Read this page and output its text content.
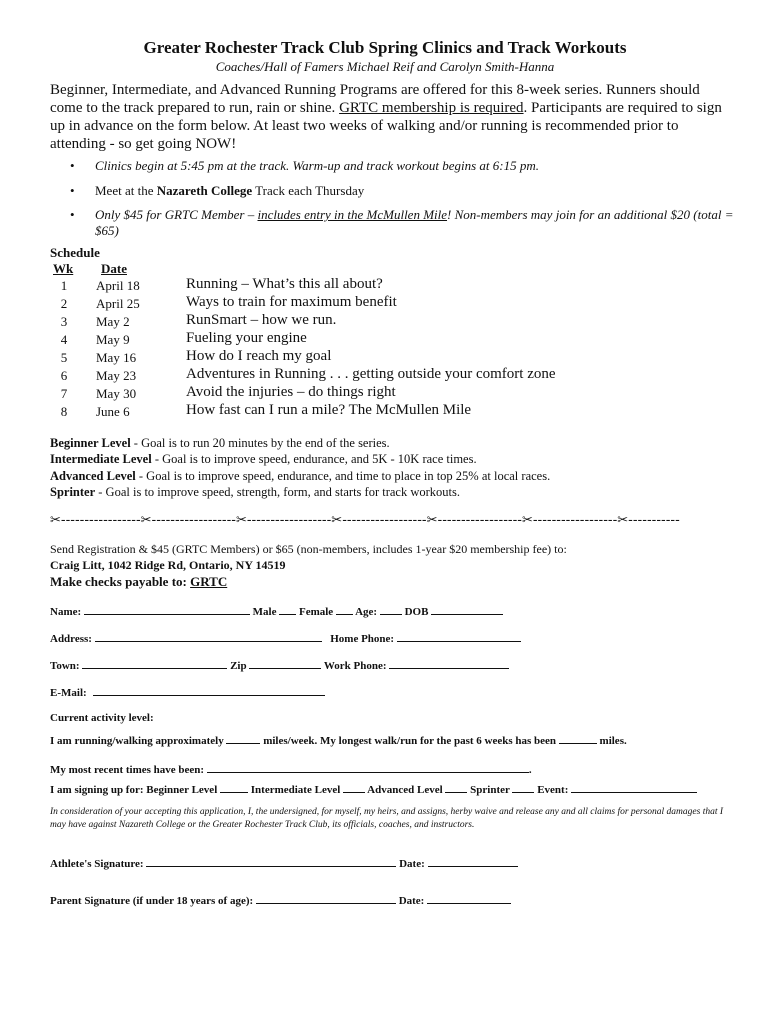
Greater Rochester Track Club Spring Clinics and Track Workouts
Coaches/Hall of Famers Michael Reif and Carolyn Smith-Hanna
Beginner, Intermediate, and Advanced Running Programs are offered for this 8-week series. Runners should come to the track prepared to run, rain or shine. GRTC membership is required. Participants are required to sign up in advance on the form below. At least two weeks of walking and/or running is recommended prior to attending - so get going NOW!
• Clinics begin at 5:45 pm at the track. Warm-up and track workout begins at 6:15 pm.
• Meet at the Nazareth College Track each Thursday
• Only $45 for GRTC Member – includes entry in the McMullen Mile! Non-members may join for an additional $20 (total = $65)
Schedule
Wk Date
1	April 18	Running – What’s this all about?
2	April 25	Ways to train for maximum benefit
3	May 2	RunSmart – how we run.
4	May 9	Fueling your engine
5	May 16	How do I reach my goal
6	May 23	Adventures in Running . . . getting outside your comfort zone
7	May 30	Avoid the injuries – do things right
8	June 6	How fast can I run a mile? The McMullen Mile
Beginner Level - Goal is to run 20 minutes by the end of the series.
Intermediate Level - Goal is to improve speed, endurance, and 5K - 10K race times.
Advanced Level - Goal is to improve speed, endurance, and time to place in top 25% at local races.
Sprinter - Goal is to improve speed, strength, form, and starts for track workouts.
✂-----------------✂------------------✂------------------✂------------------✂------------------✂------------------✂-----------
Send Registration & $45 (GRTC Members) or $65 (non-members, includes 1-year $20 membership fee) to:
Craig Litt, 1042 Ridge Rd, Ontario, NY 14519
Make checks payable to: GRTC
Name:	Male Female Age:	DOB
Address:	Home Phone:
Town:	Zip	Work Phone:
E-Mail:
Current activity level:
I am running/walking approximately	miles/week. My longest walk/run for the past 6 weeks has been	miles.
My most recent times have been:	.
I am signing up for: Beginner Level	Intermediate Level Advanced Level	Sprinter	Event:
In consideration of your accepting this application, I, the undersigned, for myself, my heirs, and assigns, herby waive and release any and all claims for personal damages that I may have against Nazareth College or the Greater Rochester Track Club, its officials, coaches, and instructors.
Athlete's Signature:	Date:
Parent Signature (if under 18 years of age):	Date:
